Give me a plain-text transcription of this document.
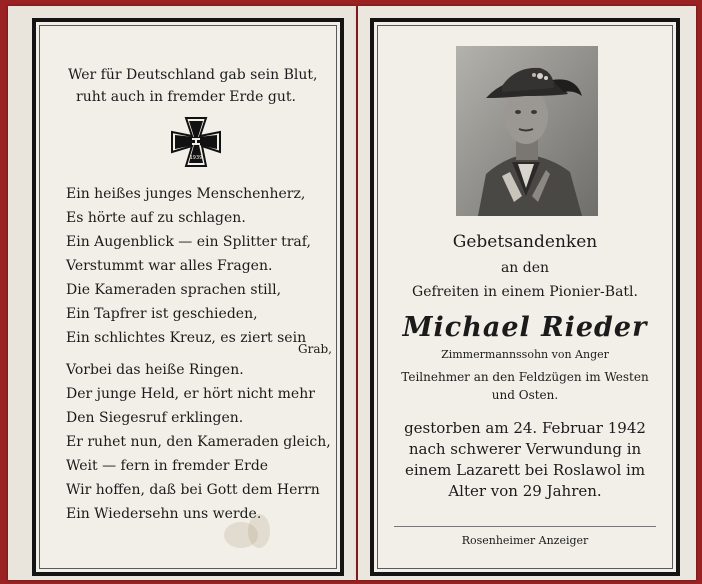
Wer für Deutschland gab sein Blut,
ruht auch in fremder Erde gut.
1939
Ein heißes junges Menschenherz,
Es hörte auf zu schlagen.
Ein Augenblick — ein Splitter traf,
Verstummt war alles Fragen.
Die Kameraden sprachen still,
Ein Tapfrer ist geschieden,
Ein schlichtes Kreuz, es ziert sein
Grab,
Vorbei das heiße Ringen.
Der junge Held, er hört nicht mehr
Den Siegesruf erklingen.
Er ruhet nun, den Kameraden gleich,
Weit — fern in fremder Erde
Wir hoffen, daß bei Gott dem Herrn
Ein Wiedersehn uns werde.
Gebetsandenken
an den
Gefreiten in einem Pionier-Batl.
Michael Rieder
Zimmermannssohn von Anger
Teilnehmer an den Feldzügen im Westen
und Osten.
gestorben am 24. Februar 1942
nach schwerer Verwundung in
einem Lazarett bei Roslawol im
Alter von 29 Jahren.
Rosenheimer Anzeiger
